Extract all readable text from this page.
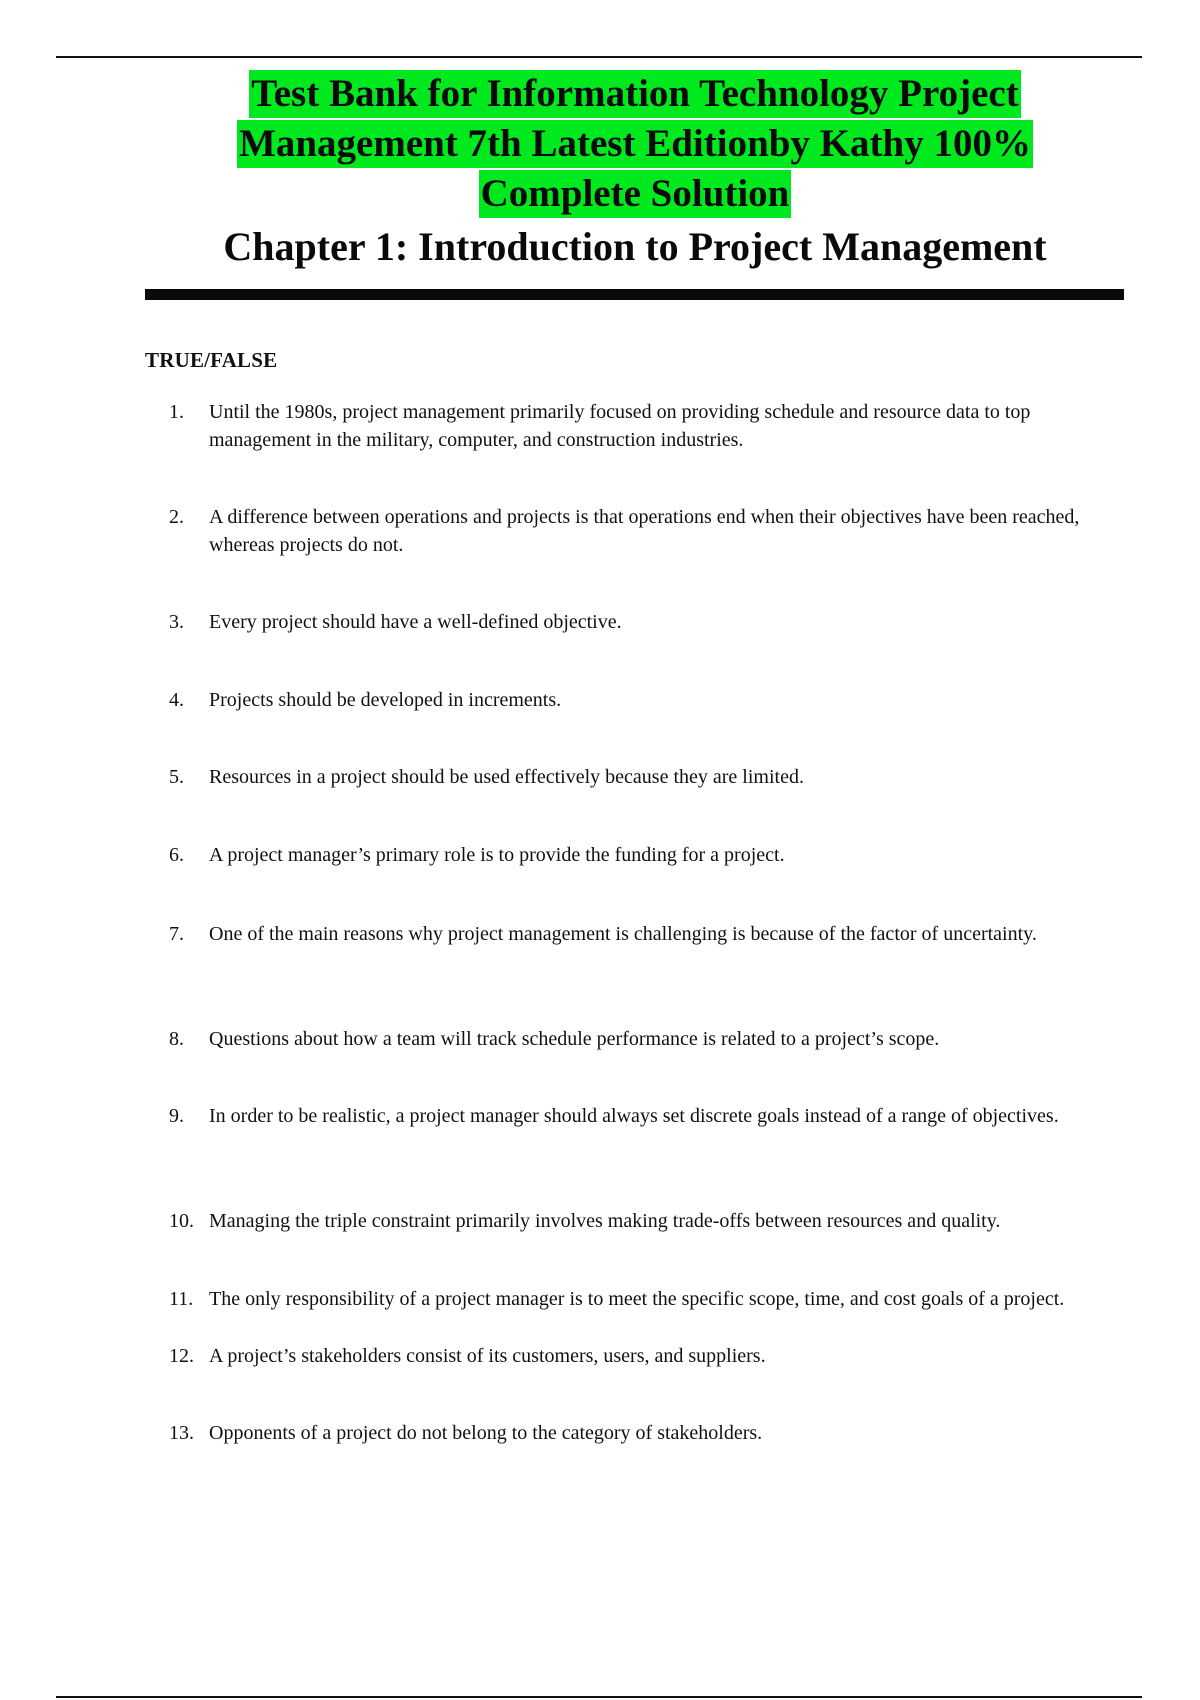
Test Bank for Information Technology Project
Management 7th Latest Editionby Kathy 100%
Complete Solution
Chapter 1: Introduction to Project Management
TRUE/FALSE
1.	Until the 1980s, project management primarily focused on providing schedule and resource data to top management in the military, computer, and construction industries.
2.	A difference between operations and projects is that operations end when their objectives have been reached, whereas projects do not.
3.	Every project should have a well-defined objective.
4.	Projects should be developed in increments.
5.	Resources in a project should be used effectively because they are limited.
6.	A project manager’s primary role is to provide the funding for a project.
7.	One of the main reasons why project management is challenging is because of the factor of uncertainty.
8.	Questions about how a team will track schedule performance is related to a project’s scope.
9.	In order to be realistic, a project manager should always set discrete goals instead of a range of objectives.
10. Managing the triple constraint primarily involves making trade-offs between resources and quality.
11. The only responsibility of a project manager is to meet the specific scope, time, and cost goals of a project.
12. A project’s stakeholders consist of its customers, users, and suppliers.
13. Opponents of a project do not belong to the category of stakeholders.
